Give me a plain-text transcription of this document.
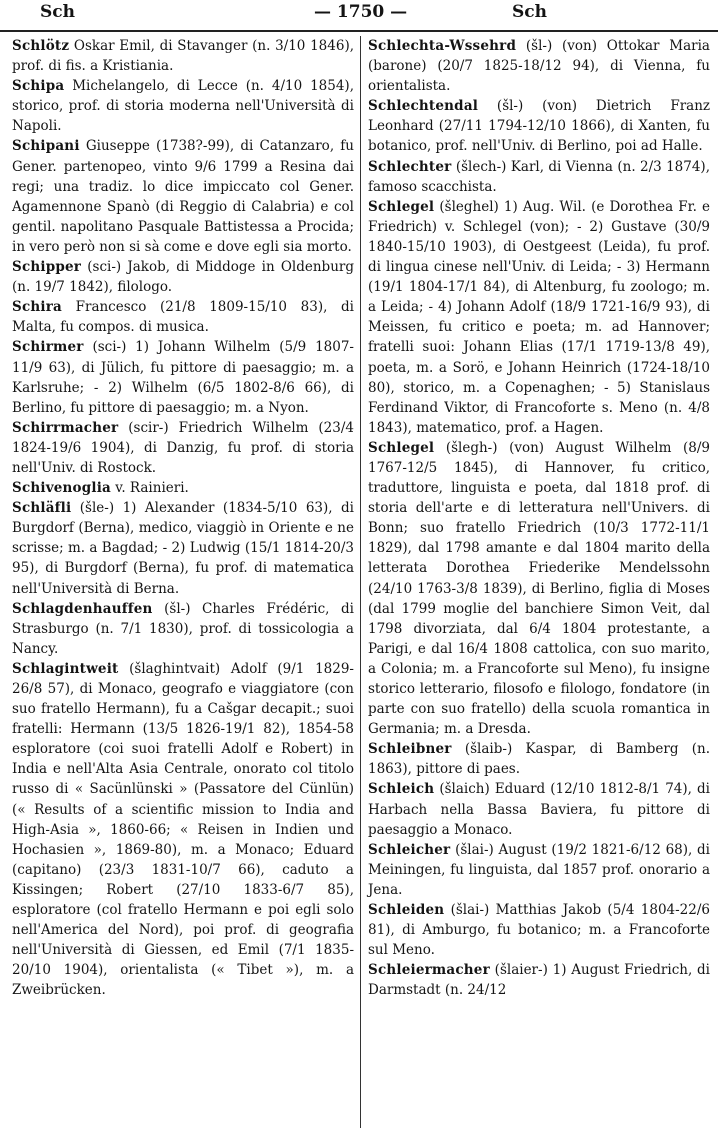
Sch	— 1750 —	Sch

Schlötz Oskar Emil, di Stavanger (n. 3/10 1846), prof. di fis. a Kristiania.

Schipa Michelangelo, di Lecce (n. 4/10 1854), storico, prof. di storia moderna nell'Università di Napoli.

Schipani Giuseppe (1738?-99), di Catanzaro, fu Gener. partenopeo, vinto 9/6 1799 a Resina dai regi; una tradiz. lo dice impiccato col Gener. Agamennone Spanò (di Reggio di Calabria) e col gentil. napolitano Pasquale Battistessa a Procida; in vero però non si sà come e dove egli sia morto.

Schipper (sci-) Jakob, di Middoge in Oldenburg (n. 19/7 1842), filologo.

Schira Francesco (21/8 1809-15/10 83), di Malta, fu compos. di musica.

Schirmer (sci-) 1) Johann Wilhelm (5/9 1807-11/9 63), di Jülich, fu pittore di paesaggio; m. a Karlsruhe; - 2) Wilhelm (6/5 1802-8/6 66), di Berlino, fu pittore di paesaggio; m. a Nyon.

Schirrmacher (scir-) Friedrich Wilhelm (23/4 1824-19/6 1904), di Danzig, fu prof. di storia nell'Univ. di Rostock.

Schivenoglia v. Rainieri.

Schläfli (šle-) 1) Alexander (1834-5/10 63), di Burgdorf (Berna), medico, viaggiò in Oriente e ne scrisse; m. a Bagdad; - 2) Ludwig (15/1 1814-20/3 95), di Burgdorf (Berna), fu prof. di matematica nell'Università di Berna.

Schlagdenhauffen (šl-) Charles Frédéric, di Strasburgo (n. 7/1 1830), prof. di tossicologia a Nancy.

Schlagintweit (šlaghintvait) Adolf (9/1 1829-26/8 57), di Monaco, geografo e viaggiatore (con suo fratello Hermann), fu a Cašgar decapit.; suoi fratelli: Hermann (13/5 1826-19/1 82), 1854-58 esploratore (coi suoi fratelli Adolf e Robert) in India e nell'Alta Asia Centrale, onorato col titolo russo di « Sacünlünski » (Passatore del Cünlün) (« Results of a scientific mission to India and High-Asia », 1860-66; « Reisen in Indien und Hochasien », 1869-80), m. a Monaco; Eduard (capitano) (23/3 1831-10/7 66), caduto a Kissingen; Robert (27/10 1833-6/7 85), esploratore (col fratello Hermann e poi egli solo nell'America del Nord), poi prof. di geografia nell'Università di Giessen, ed Emil (7/1 1835-20/10 1904), orientalista (« Tibet »), m. a Zweibrücken.

Schlechta-Wssehrd (šl-) (von) Ottokar Maria (barone) (20/7 1825-18/12 94), di Vienna, fu orientalista.

Schlechtendal (šl-) (von) Dietrich Franz Leonhard (27/11 1794-12/10 1866), di Xanten, fu botanico, prof. nell'Univ. di Berlino, poi ad Halle.

Schlechter (šlech-) Karl, di Vienna (n. 2/3 1874), famoso scacchista.

Schlegel (šleghel) 1) Aug. Wil. (e Dorothea Fr. e Friedrich) v. Schlegel (von); - 2) Gustave (30/9 1840-15/10 1903), di Oestgeest (Leida), fu prof. di lingua cinese nell'Univ. di Leida; - 3) Hermann (19/1 1804-17/1 84), di Altenburg, fu zoologo; m. a Leida; - 4) Johann Adolf (18/9 1721-16/9 93), di Meissen, fu critico e poeta; m. ad Hannover; fratelli suoi: Johann Elias (17/1 1719-13/8 49), poeta, m. a Sorö, e Johann Heinrich (1724-18/10 80), storico, m. a Copenaghen; - 5) Stanislaus Ferdinand Viktor, di Francoforte s. Meno (n. 4/8 1843), matematico, prof. a Hagen.

Schlegel (šlegh-) (von) August Wilhelm (8/9 1767-12/5 1845), di Hannover, fu critico, traduttore, linguista e poeta, dal 1818 prof. di storia dell'arte e di letteratura nell'Univers. di Bonn; suo fratello Friedrich (10/3 1772-11/1 1829), dal 1798 amante e dal 1804 marito della letterata Dorothea Friederike Mendelssohn (24/10 1763-3/8 1839), di Berlino, figlia di Moses (dal 1799 moglie del banchiere Simon Veit, dal 1798 divorziata, dal 6/4 1804 protestante, a Parigi, e dal 16/4 1808 cattolica, con suo marito, a Colonia; m. a Francoforte sul Meno), fu insigne storico letterario, filosofo e filologo, fondatore (in parte con suo fratello) della scuola romantica in Germania; m. a Dresda.

Schleibner (šlaib-) Kaspar, di Bamberg (n. 1863), pittore di paes.

Schleich (šlaich) Eduard (12/10 1812-8/1 74), di Harbach nella Bassa Baviera, fu pittore di paesaggio a Monaco.

Schleicher (šlai-) August (19/2 1821-6/12 68), di Meiningen, fu linguista, dal 1857 prof. onorario a Jena.

Schleiden (šlai-) Matthias Jakob (5/4 1804-22/6 81), di Amburgo, fu botanico; m. a Francoforte sul Meno.

Schleiermacher (šlaier-) 1) August Friedrich, di Darmstadt (n. 24/12
